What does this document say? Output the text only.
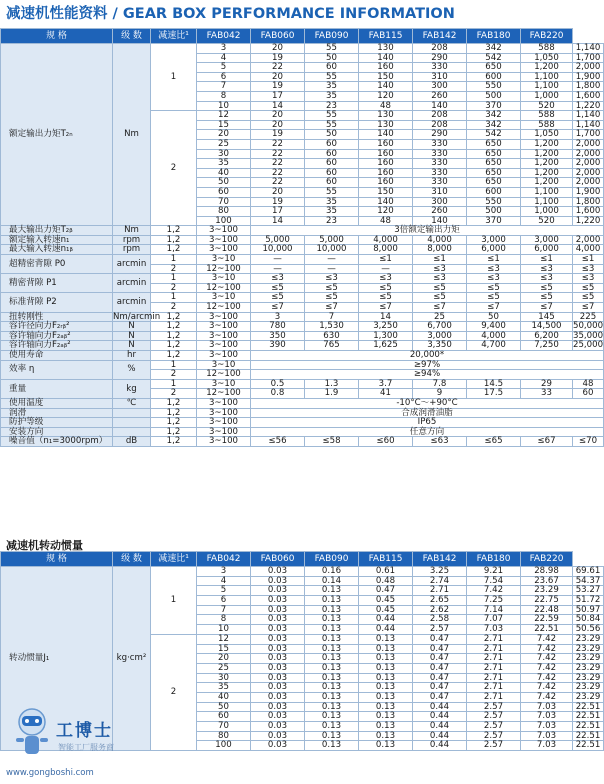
减速机性能资料 / GEAR BOX PERFORMANCE INFORMATION
规 格	级 数	减速比¹	FAB042	FAB060	FAB090	FAB115	FAB142	FAB180	FAB220	
额定输出力矩T₂ₙ	Nm	1	3	20	55	130	208	342	588	1,140
			4	19	50	140	290	542	1,050	1,700
			5	22	60	160	330	650	1,200	2,000
			6	20	55	150	310	600	1,100	1,900
			7	19	35	140	300	550	1,100	1,800
			8	17	35	120	260	500	1,000	1,600
			10	14	23	48	140	370	520	1,220
		2	12	20	55	130	208	342	588	1,140
			15	20	55	130	208	342	588	1,140
			20	19	50	140	290	542	1,050	1,700
			25	22	60	160	330	650	1,200	2,000
			30	22	60	160	330	650	1,200	2,000
			35	22	60	160	330	650	1,200	2,000
			40	22	60	160	330	650	1,200	2,000
			50	22	60	160	330	650	1,200	2,000
			60	20	55	150	310	600	1,100	1,900
			70	19	35	140	300	550	1,100	1,800
			80	17	35	120	260	500	1,000	1,600
			100	14	23	48	140	370	520	1,220
最大输出力矩T₂ᵦ	Nm	1,2	3~100	3倍额定输出力矩						
额定输入转速n₁	rpm	1,2	3~100	5,000	5,000	4,000	4,000	3,000	3,000	2,000
最大输入转速n₁ᵦ	rpm	1,2	3~100	10,000	10,000	8,000	8,000	6,000	6,000	4,000
超精密背隙 P0	arcmin	1	3~10	—	—	≤1	≤1	≤1	≤1	≤1
		2	12~100	—	—	—	≤3	≤3	≤3	≤3
精密背隙 P1	arcmin	1	3~10	≤3	≤3	≤3	≤3	≤3	≤3	≤3
		2	12~100	≤5	≤5	≤5	≤5	≤5	≤5	≤5
标准背隙 P2	arcmin	1	3~10	≤5	≤5	≤5	≤5	≤5	≤5	≤5
		2	12~100	≤7	≤7	≤7	≤7	≤7	≤7	≤7
扭转刚性	Nm/arcmin	1,2	3~100	3	7	14	25	50	145	225
容许径向力F₂ᵣᵦ²	N	1,2	3~100	780	1,530	3,250	6,700	9,400	14,500	50,000
容许轴向力F₂ₐᵦ²	N	1,2	3~100	350	630	1,300	3,000	4,000	6,200	35,000
容许轴向力F₂ₐᵦ²	N	1,2	3~100	390	765	1,625	3,350	4,700	7,250	25,000
使用寿命	hr	1,2	3~100	20,000*						
效率 η	%	1	3~10	≥97%						
		2	12~100	≥94%						
重量	kg	1	3~10	0.5	1.3	3.7	7.8	14.5	29	48
		2	12~100	0.8	1.9	41	9	17.5	33	60
使用温度	℃	1,2	3~100	-10°C～+90°C						
润滑		1,2	3~100	合成润滑油脂						
防护等级		1,2	3~100	IP65						
安装方向		1,2	3~100	任意方向						
噪音值（n₁=3000rpm）	dB	1,2	3~100	≤56	≤58	≤60	≤63	≤65	≤67	≤70
减速机转动惯量
规 格	级 数	减速比¹	FAB042	FAB060	FAB090	FAB115	FAB142	FAB180	FAB220	
转动惯量J₁	kg·cm²	1	3	0.03	0.16	0.61	3.25	9.21	28.98	69.61
			4	0.03	0.14	0.48	2.74	7.54	23.67	54.37
			5	0.03	0.13	0.47	2.71	7.42	23.29	53.27
			6	0.03	0.13	0.45	2.65	7.25	22.75	51.72
			7	0.03	0.13	0.45	2.62	7.14	22.48	50.97
			8	0.03	0.13	0.44	2.58	7.07	22.59	50.84
			10	0.03	0.13	0.44	2.57	7.03	22.51	50.56
		2	12	0.03	0.13	0.13	0.47	2.71	7.42	23.29
			15	0.03	0.13	0.13	0.47	2.71	7.42	23.29
			20	0.03	0.13	0.13	0.47	2.71	7.42	23.29
			25	0.03	0.13	0.13	0.47	2.71	7.42	23.29
			30	0.03	0.13	0.13	0.47	2.71	7.42	23.29
			35	0.03	0.13	0.13	0.47	2.71	7.42	23.29
			40	0.03	0.13	0.13	0.47	2.71	7.42	23.29
			50	0.03	0.13	0.13	0.44	2.57	7.03	22.51
			60	0.03	0.13	0.13	0.44	2.57	7.03	22.51
			70	0.03	0.13	0.13	0.44	2.57	7.03	22.51
			80	0.03	0.13	0.13	0.44	2.57	7.03	22.51
			100	0.03	0.13	0.13	0.44	2.57	7.03	22.51
工博士
智能工厂服务商
www.gongboshi.com
